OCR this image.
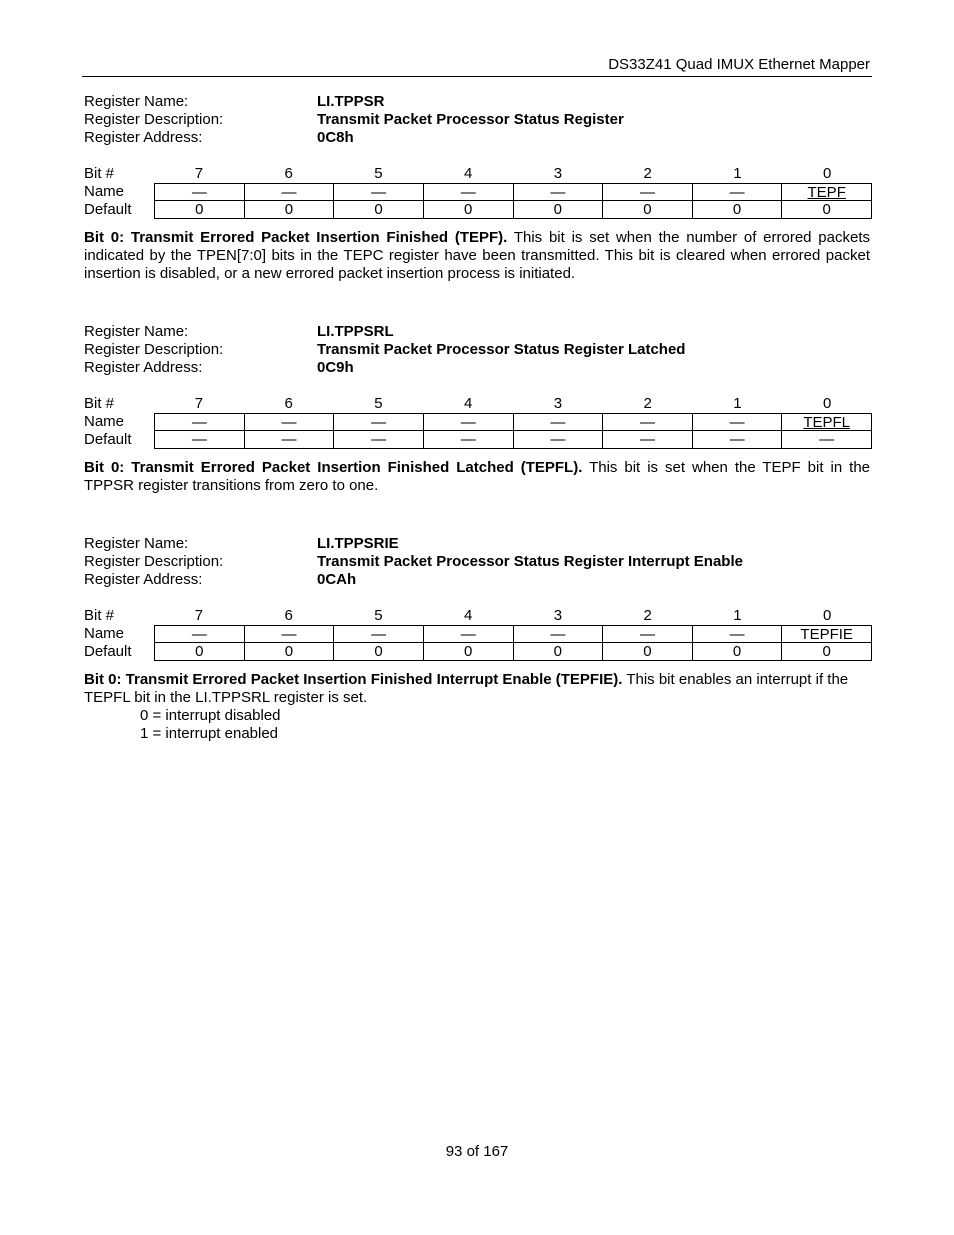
DS33Z41 Quad IMUX Ethernet Mapper
Register Name:	LI.TPPSR
Register Description:	Transmit Packet Processor Status Register
Register Address:	0C8h
Bit #	7	6	5	4	3	2	1	0
Name	—	—	—	—	—	—	—	TEPF
Default	0	0	0	0	0	0	0	0
Bit 0: Transmit Errored Packet Insertion Finished (TEPF). This bit is set when the number of errored packets indicated by the TPEN[7:0] bits in the TEPC register have been transmitted. This bit is cleared when errored packet insertion is disabled, or a new errored packet insertion process is initiated.
Register Name:	LI.TPPSRL
Register Description:	Transmit Packet Processor Status Register Latched
Register Address:	0C9h
Bit #	7	6	5	4	3	2	1	0
Name	—	—	—	—	—	—	—	TEPFL
Default	—	—	—	—	—	—	—	—
Bit 0: Transmit Errored Packet Insertion Finished Latched (TEPFL). This bit is set when the TEPF bit in the TPPSR register transitions from zero to one.
Register Name:	LI.TPPSRIE
Register Description:	Transmit Packet Processor Status Register Interrupt Enable
Register Address:	0CAh
Bit #	7	6	5	4	3	2	1	0
Name	—	—	—	—	—	—	—	TEPFIE
Default	0	0	0	0	0	0	0	0
Bit 0: Transmit Errored Packet Insertion Finished Interrupt Enable (TEPFIE). This bit enables an interrupt if the TEPFL bit in the LI.TPPSRL register is set.
0 = interrupt disabled
1 = interrupt enabled
93 of 167
